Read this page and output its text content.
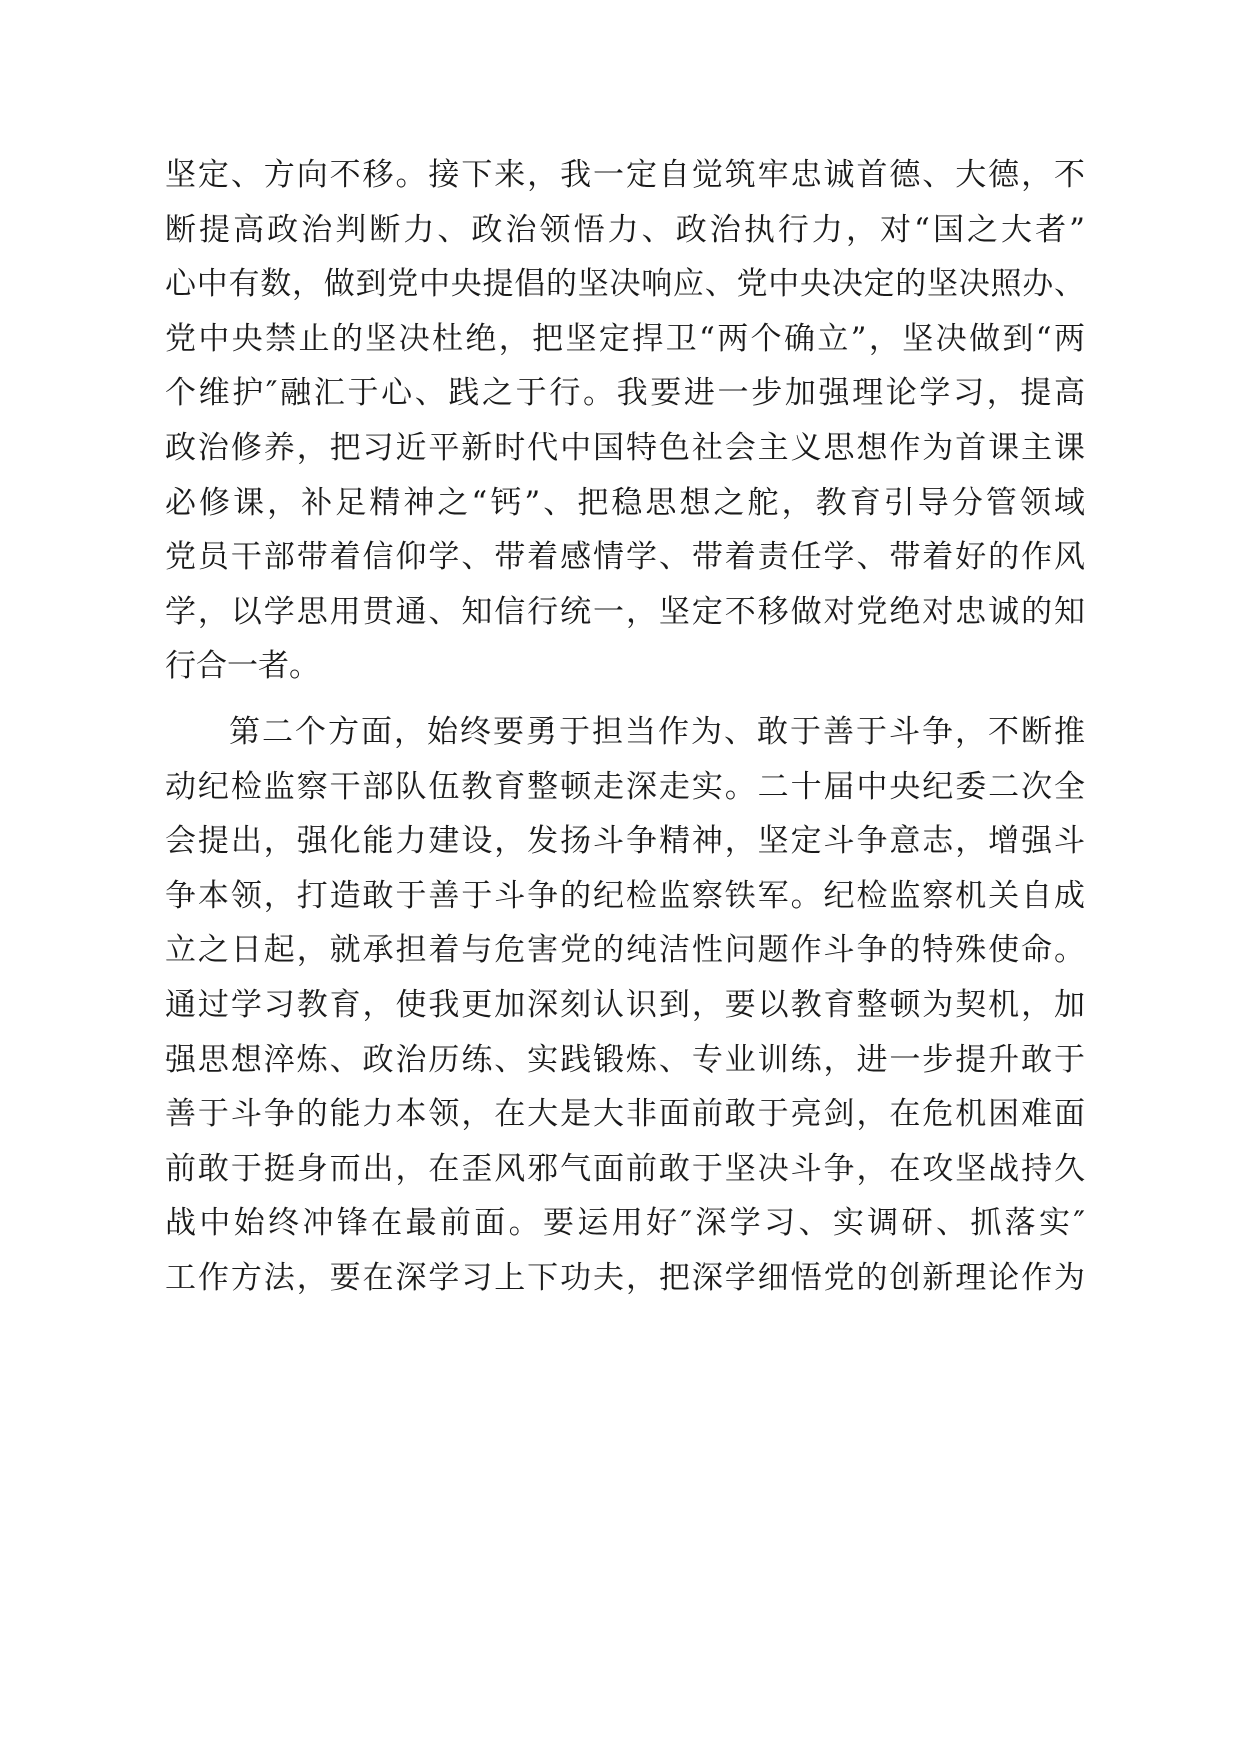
坚定、方向不移。接下来，我一定自觉筑牢忠诚首德、大德，不
断提高政治判断力、政治领悟力、政治执行力，对“国之大者”
心中有数，做到党中央提倡的坚决响应、党中央决定的坚决照办、
党中央禁止的坚决杜绝，把坚定捍卫“两个确立”，坚决做到“两
个维护″融汇于心、践之于行。我要进一步加强理论学习，提高
政治修养，把习近平新时代中国特色社会主义思想作为首课主课
必修课，补足精神之“钙”、把稳思想之舵，教育引导分管领域
党员干部带着信仰学、带着感情学、带着责任学、带着好的作风
学，以学思用贯通、知信行统一，坚定不移做对党绝对忠诚的知
行合一者。
第二个方面，始终要勇于担当作为、敢于善于斗争，不断推
动纪检监察干部队伍教育整顿走深走实。二十届中央纪委二次全
会提出，强化能力建设，发扬斗争精神，坚定斗争意志，增强斗
争本领，打造敢于善于斗争的纪检监察铁军。纪检监察机关自成
立之日起，就承担着与危害党的纯洁性问题作斗争的特殊使命。
通过学习教育，使我更加深刻认识到，要以教育整顿为契机，加
强思想淬炼、政治历练、实践锻炼、专业训练，进一步提升敢于
善于斗争的能力本领，在大是大非面前敢于亮剑，在危机困难面
前敢于挺身而出，在歪风邪气面前敢于坚决斗争，在攻坚战持久
战中始终冲锋在最前面。要运用好″深学习、实调研、抓落实″
工作方法，要在深学习上下功夫，把深学细悟党的创新理论作为
